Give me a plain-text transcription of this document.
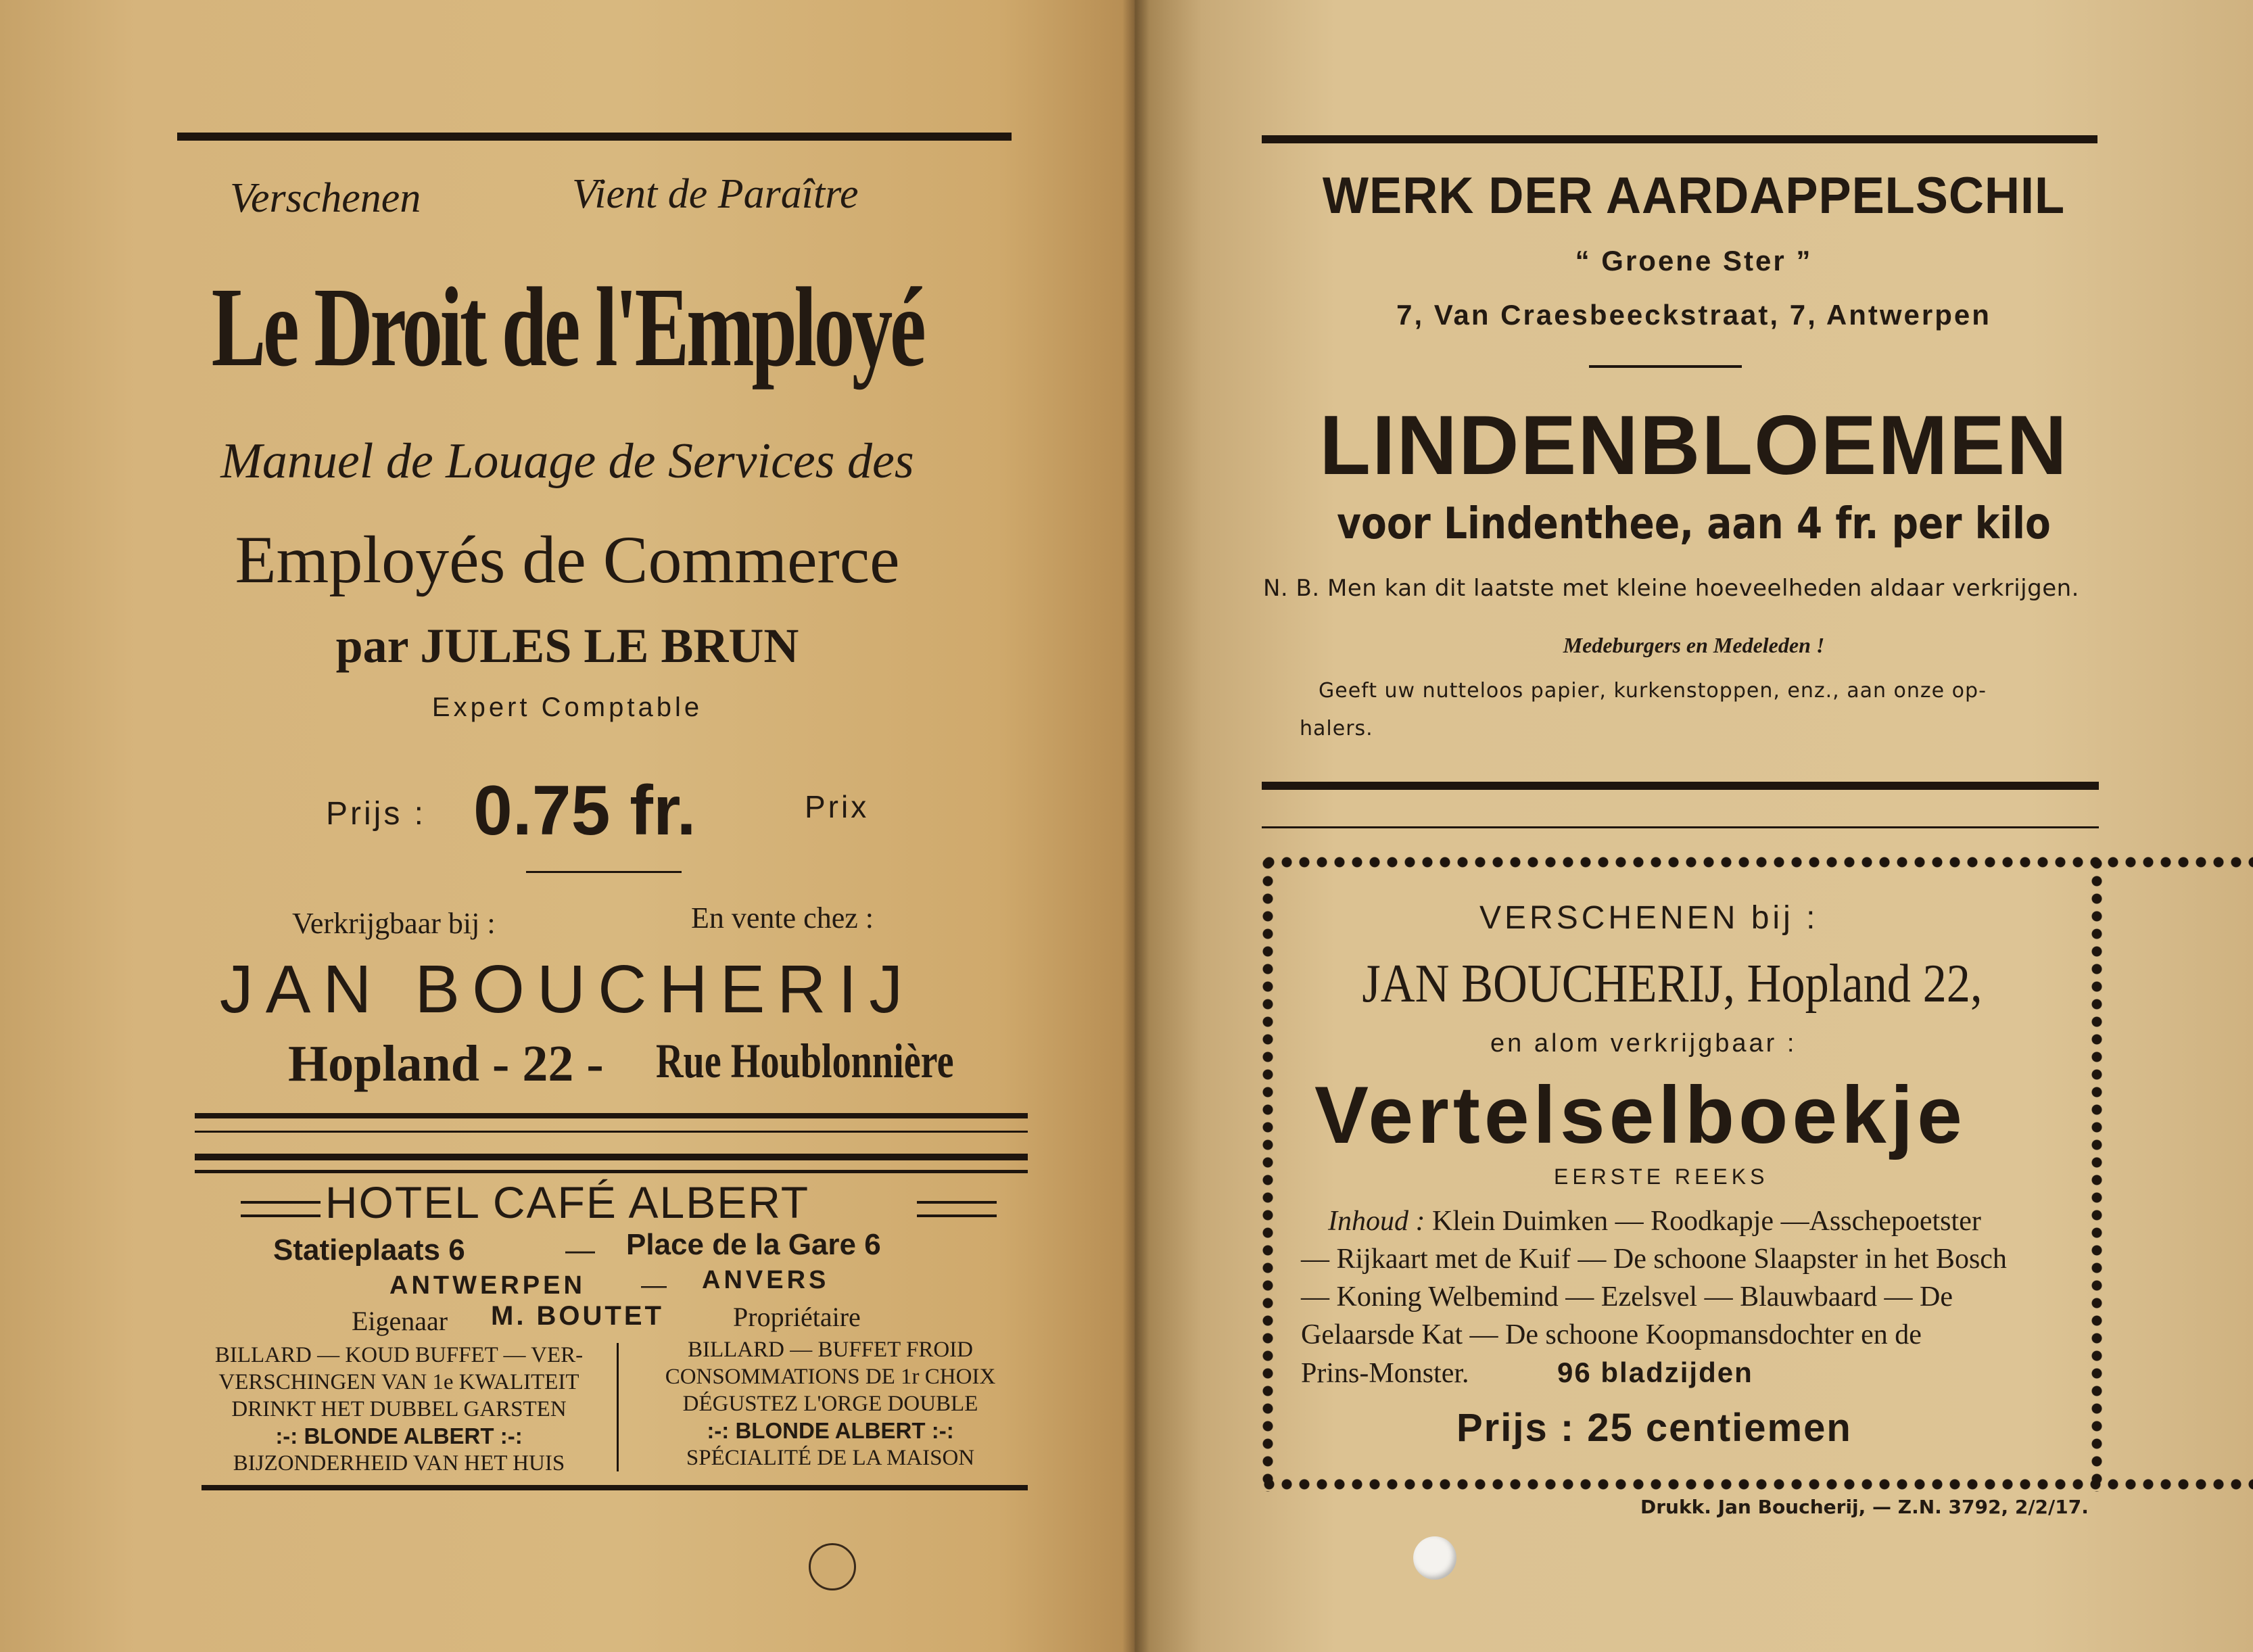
Verschenen	Vient de Paraître
Le Droit de l'Employé
Manuel de Louage de Services des
Employés de Commerce
par JULES LE BRUN
Expert Comptable
Prijs : 0.75 fr.	Prix
Verkrijgbaar bij :	En vente chez :
JAN BOUCHERIJ
Hopland - 22 - Rue Houblonnière
HOTEL CAFÉ ALBERT
Statieplaats 6	— Place de la Gare 6
ANTWERPEN — ANVERS
Eigenaar M. BOUTET	Propriétaire
BILLARD — KOUD BUFFET — VER-
VERSCHINGEN VAN 1e KWALITEIT
DRINKT HET DUBBEL GARSTEN
:-: BLONDE ALBERT :-:
BIJZONDERHEID VAN HET HUIS
BILLARD — BUFFET FROID
CONSOMMATIONS DE 1r CHOIX
DÉGUSTEZ L'ORGE DOUBLE
:-: BLONDE ALBERT :-:
SPÉCIALITÉ DE LA MAISON
WERK DER AARDAPPELSCHIL
“ Groene Ster ”
7, Van Craesbeeckstraat, 7, Antwerpen
LINDENBLOEMEN
voor Lindenthee, aan 4 fr. per kilo
N. B. Men kan dit laatste met kleine hoeveelheden aldaar verkrijgen.
Medeburgers en Medeleden !
Geeft uw nutteloos papier, kurkenstoppen, enz., aan onze op-
halers.
VERSCHENEN bij :
JAN BOUCHERIJ, Hopland 22,
en alom verkrijgbaar :
Vertelselboekje
EERSTE REEKS
Inhoud : Klein Duimken — Roodkapje —Asschepoetster
— Rijkaart met de Kuif — De schoone Slaapster in het Bosch
— Koning Welbemind — Ezelsvel — Blauwbaard — De
Gelaarsde Kat — De schoone Koopmansdochter en de
Prins-Monster.	96 bladzijden
Prijs : 25 centiemen
Drukk. Jan Boucherij, — Z.N. 3792, 2/2/17.
